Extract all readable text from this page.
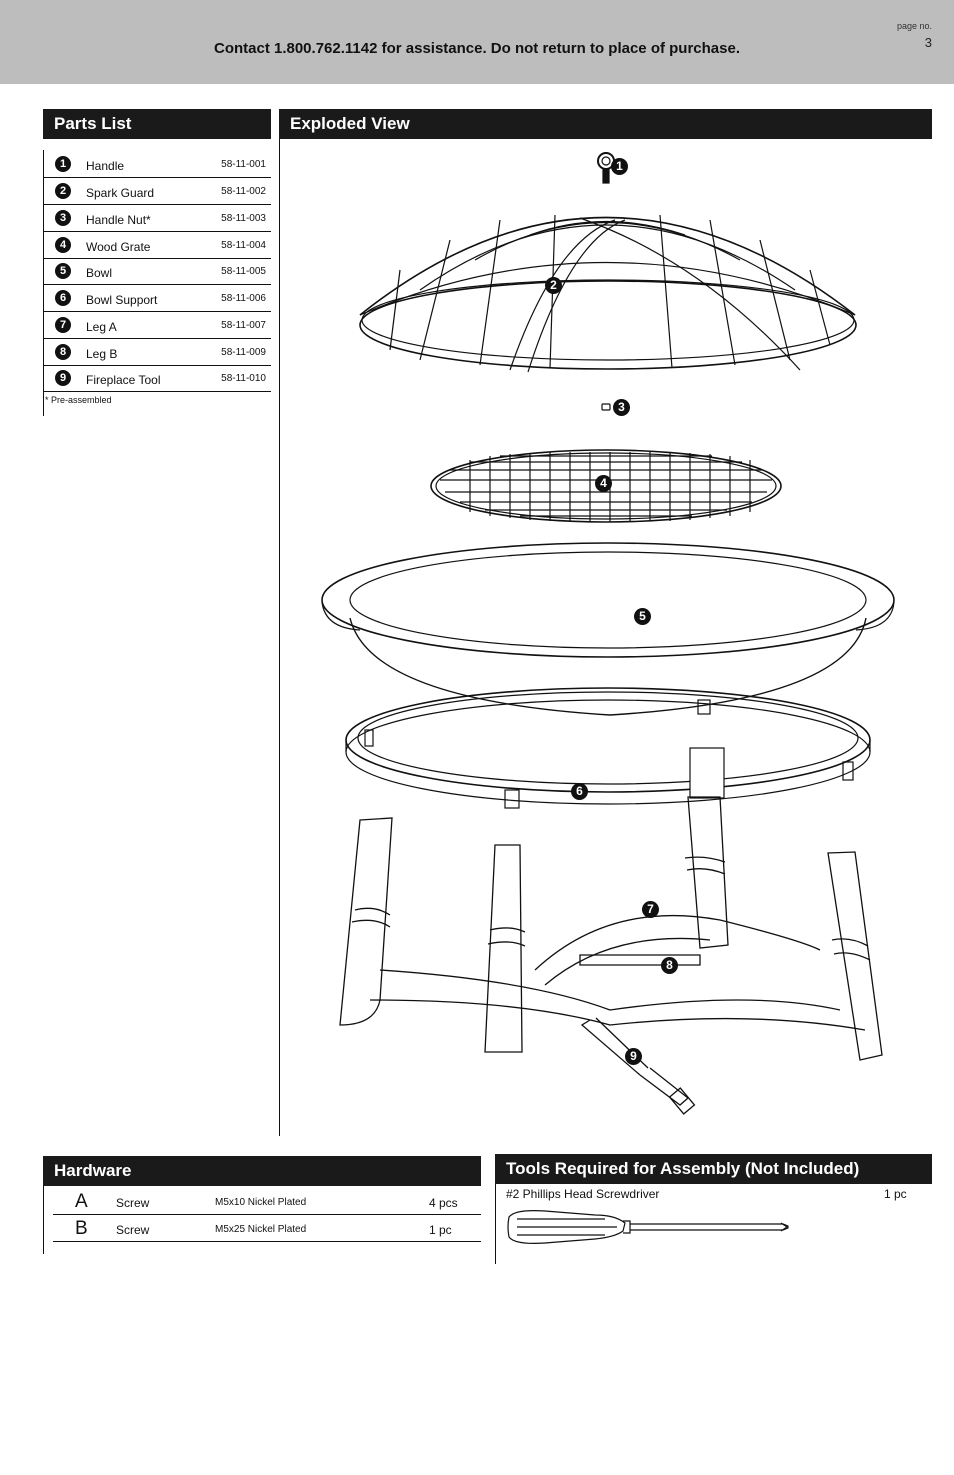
Contact 1.800.762.1142 for assistance. Do not return to place of purchase.
page no.
3
Parts List
1	Handle	58-11-001
2	Spark Guard	58-11-002
3	Handle Nut*	58-11-003
4	Wood Grate	58-11-004
5	Bowl	58-11-005
6	Bowl Support	58-11-006
7	Leg A	58-11-007
8	Leg B	58-11-009
9	Fireplace Tool	58-11-010
* Pre-assembled
Exploded View
1
2
3
4
5
6
7
8
9
Hardware
A Screw	M5x10 Nickel Plated	4 pcs
B Screw	M5x25 Nickel Plated	1 pc
Tools Required for Assembly (Not Included)
#2 Phillips Head Screwdriver	1 pc
